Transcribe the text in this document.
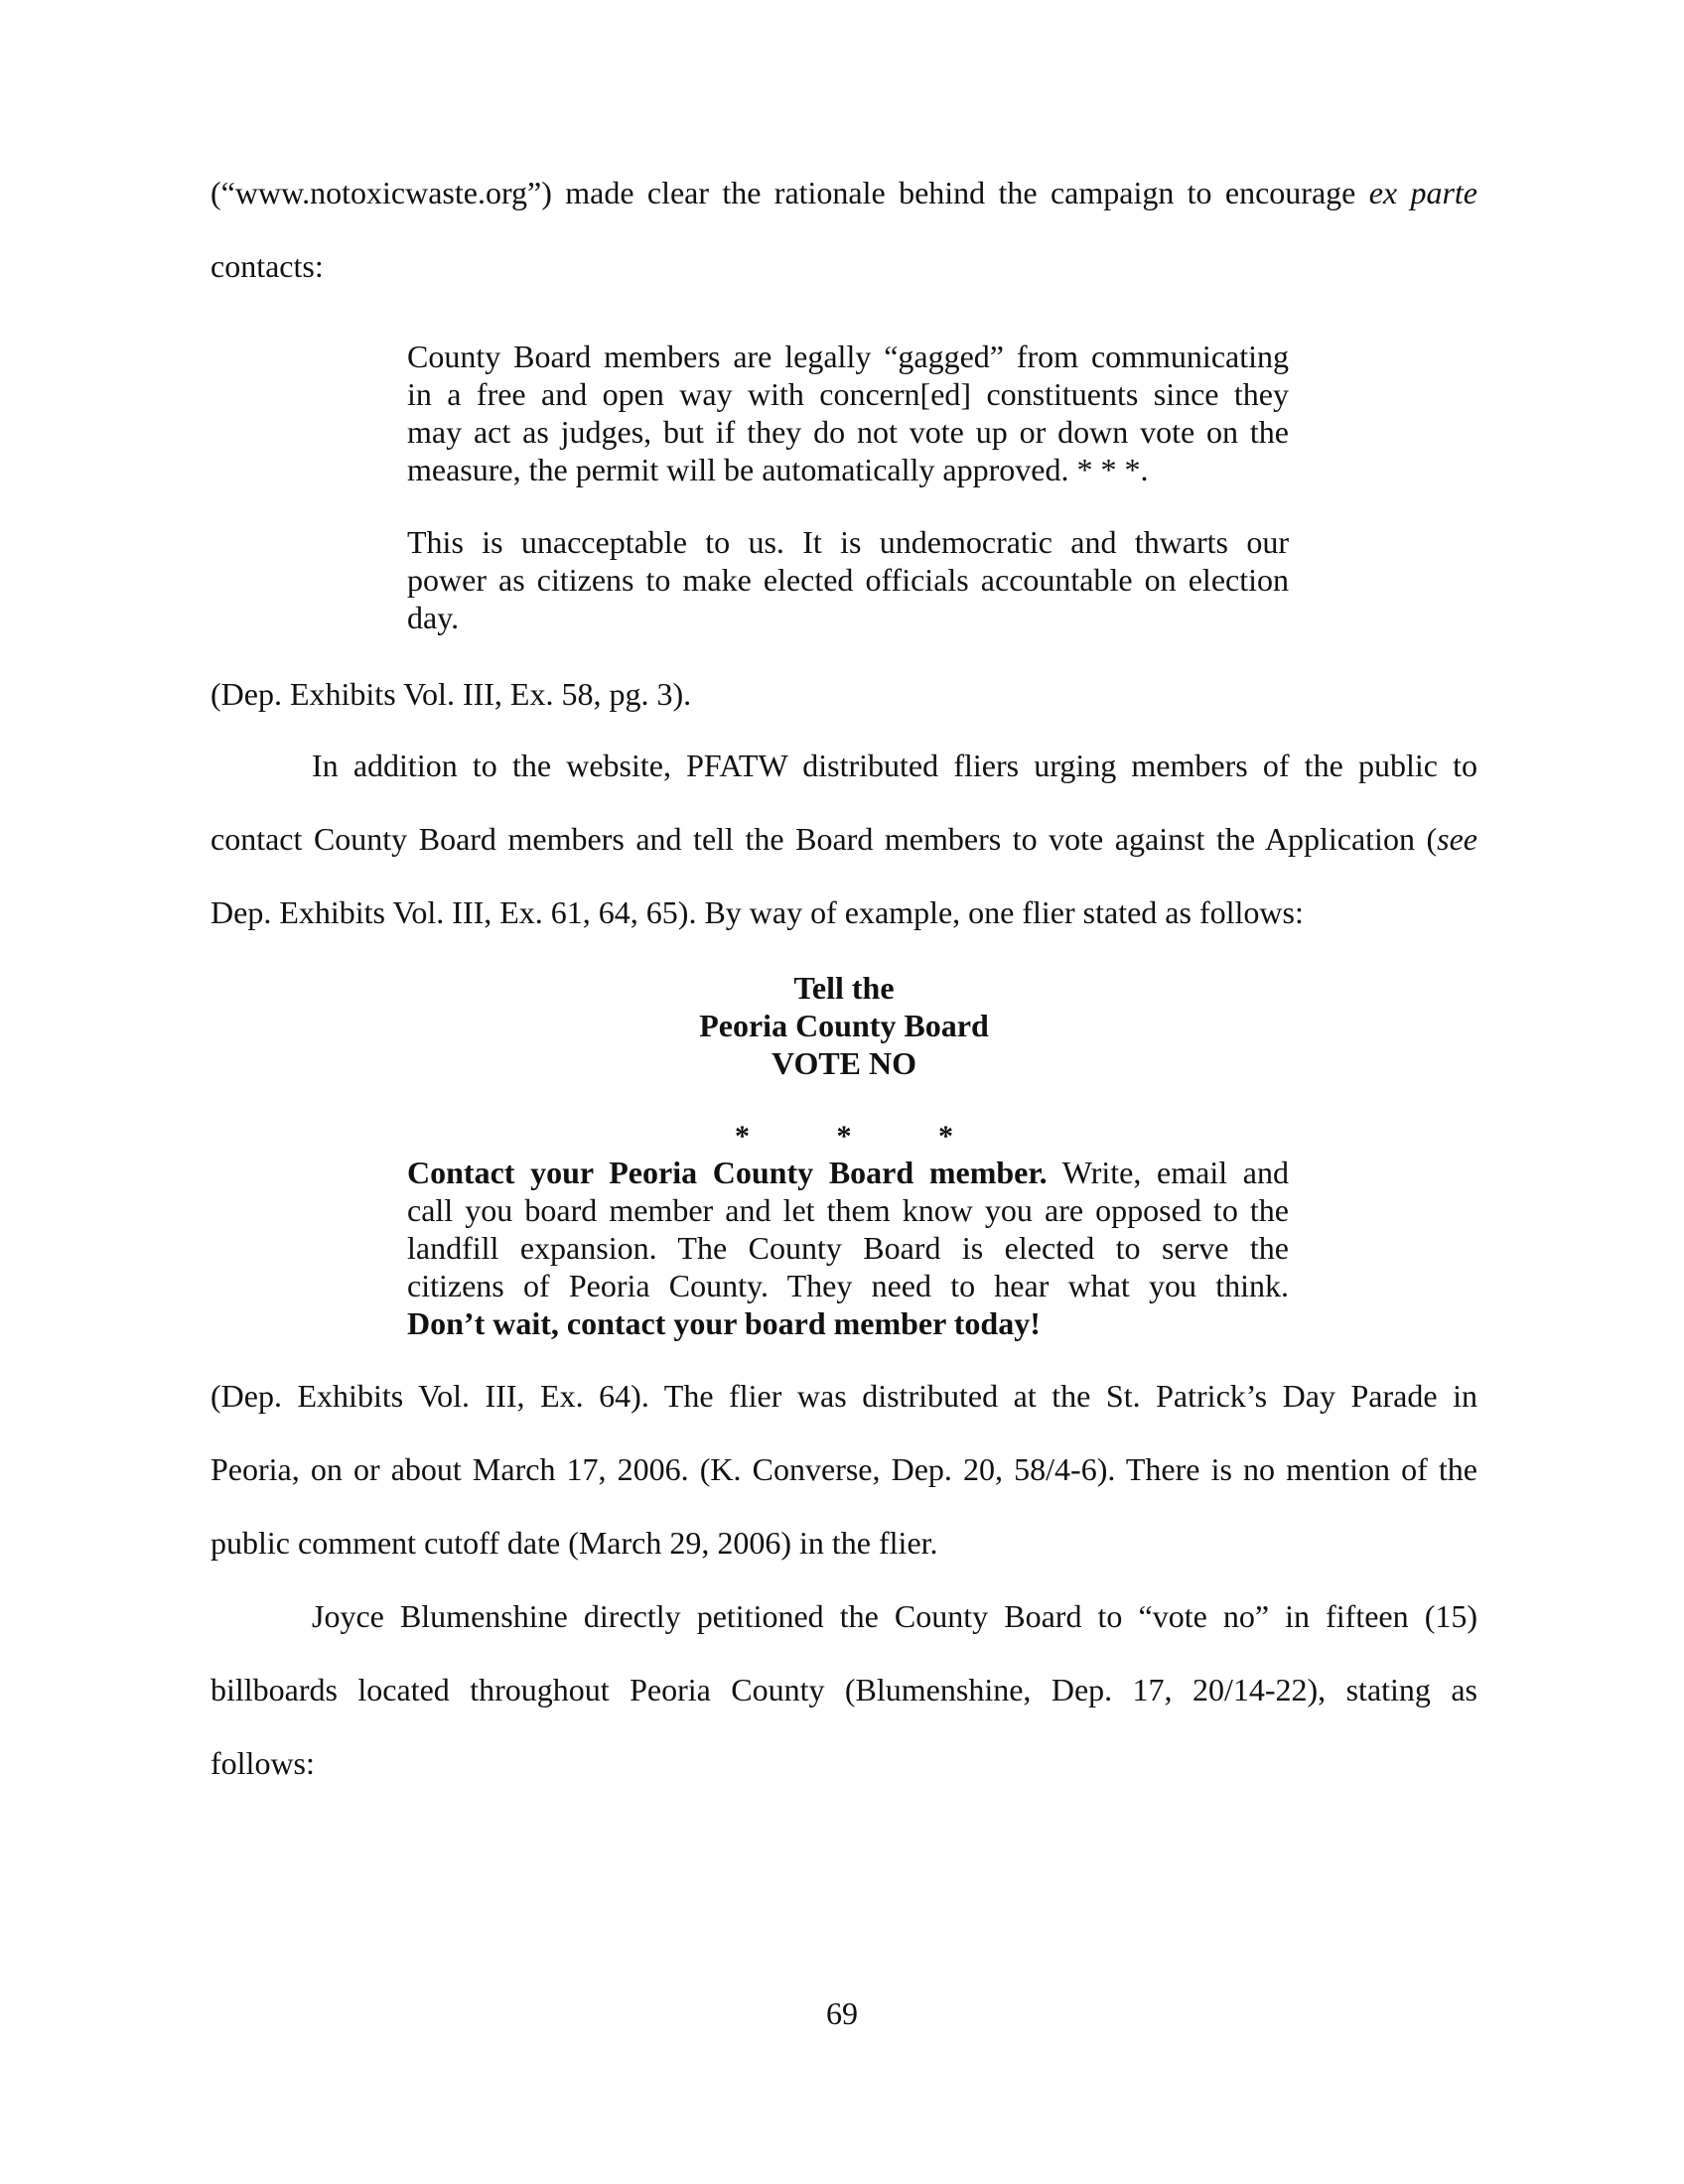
(“www.notoxicwaste.org”) made clear the rationale behind the campaign to encourage ex parte
contacts:
County Board members are legally “gagged” from communicating
in a free and open way with concern[ed] constituents since they
may act as judges, but if they do not vote up or down vote on the
measure, the permit will be automatically approved. * * *.
This is unacceptable to us. It is undemocratic and thwarts our
power as citizens to make elected officials accountable on election
day.
(Dep. Exhibits Vol. III, Ex. 58, pg. 3).
In addition to the website, PFATW distributed fliers urging members of the public to
contact County Board members and tell the Board members to vote against the Application (see
Dep. Exhibits Vol. III, Ex. 61, 64, 65). By way of example, one flier stated as follows:
Tell the
Peoria County Board
VOTE NO
*	*	*
Contact your Peoria County Board member. Write, email and
call you board member and let them know you are opposed to the
landfill expansion. The County Board is elected to serve the
citizens of Peoria County. They need to hear what you think.
Don’t wait, contact your board member today!
(Dep. Exhibits Vol. III, Ex. 64). The flier was distributed at the St. Patrick’s Day Parade in
Peoria, on or about March 17, 2006. (K. Converse, Dep. 20, 58/4-6). There is no mention of the
public comment cutoff date (March 29, 2006) in the flier.
Joyce Blumenshine directly petitioned the County Board to “vote no” in fifteen (15)
billboards located throughout Peoria County (Blumenshine, Dep. 17, 20/14-22), stating as
follows:
69
